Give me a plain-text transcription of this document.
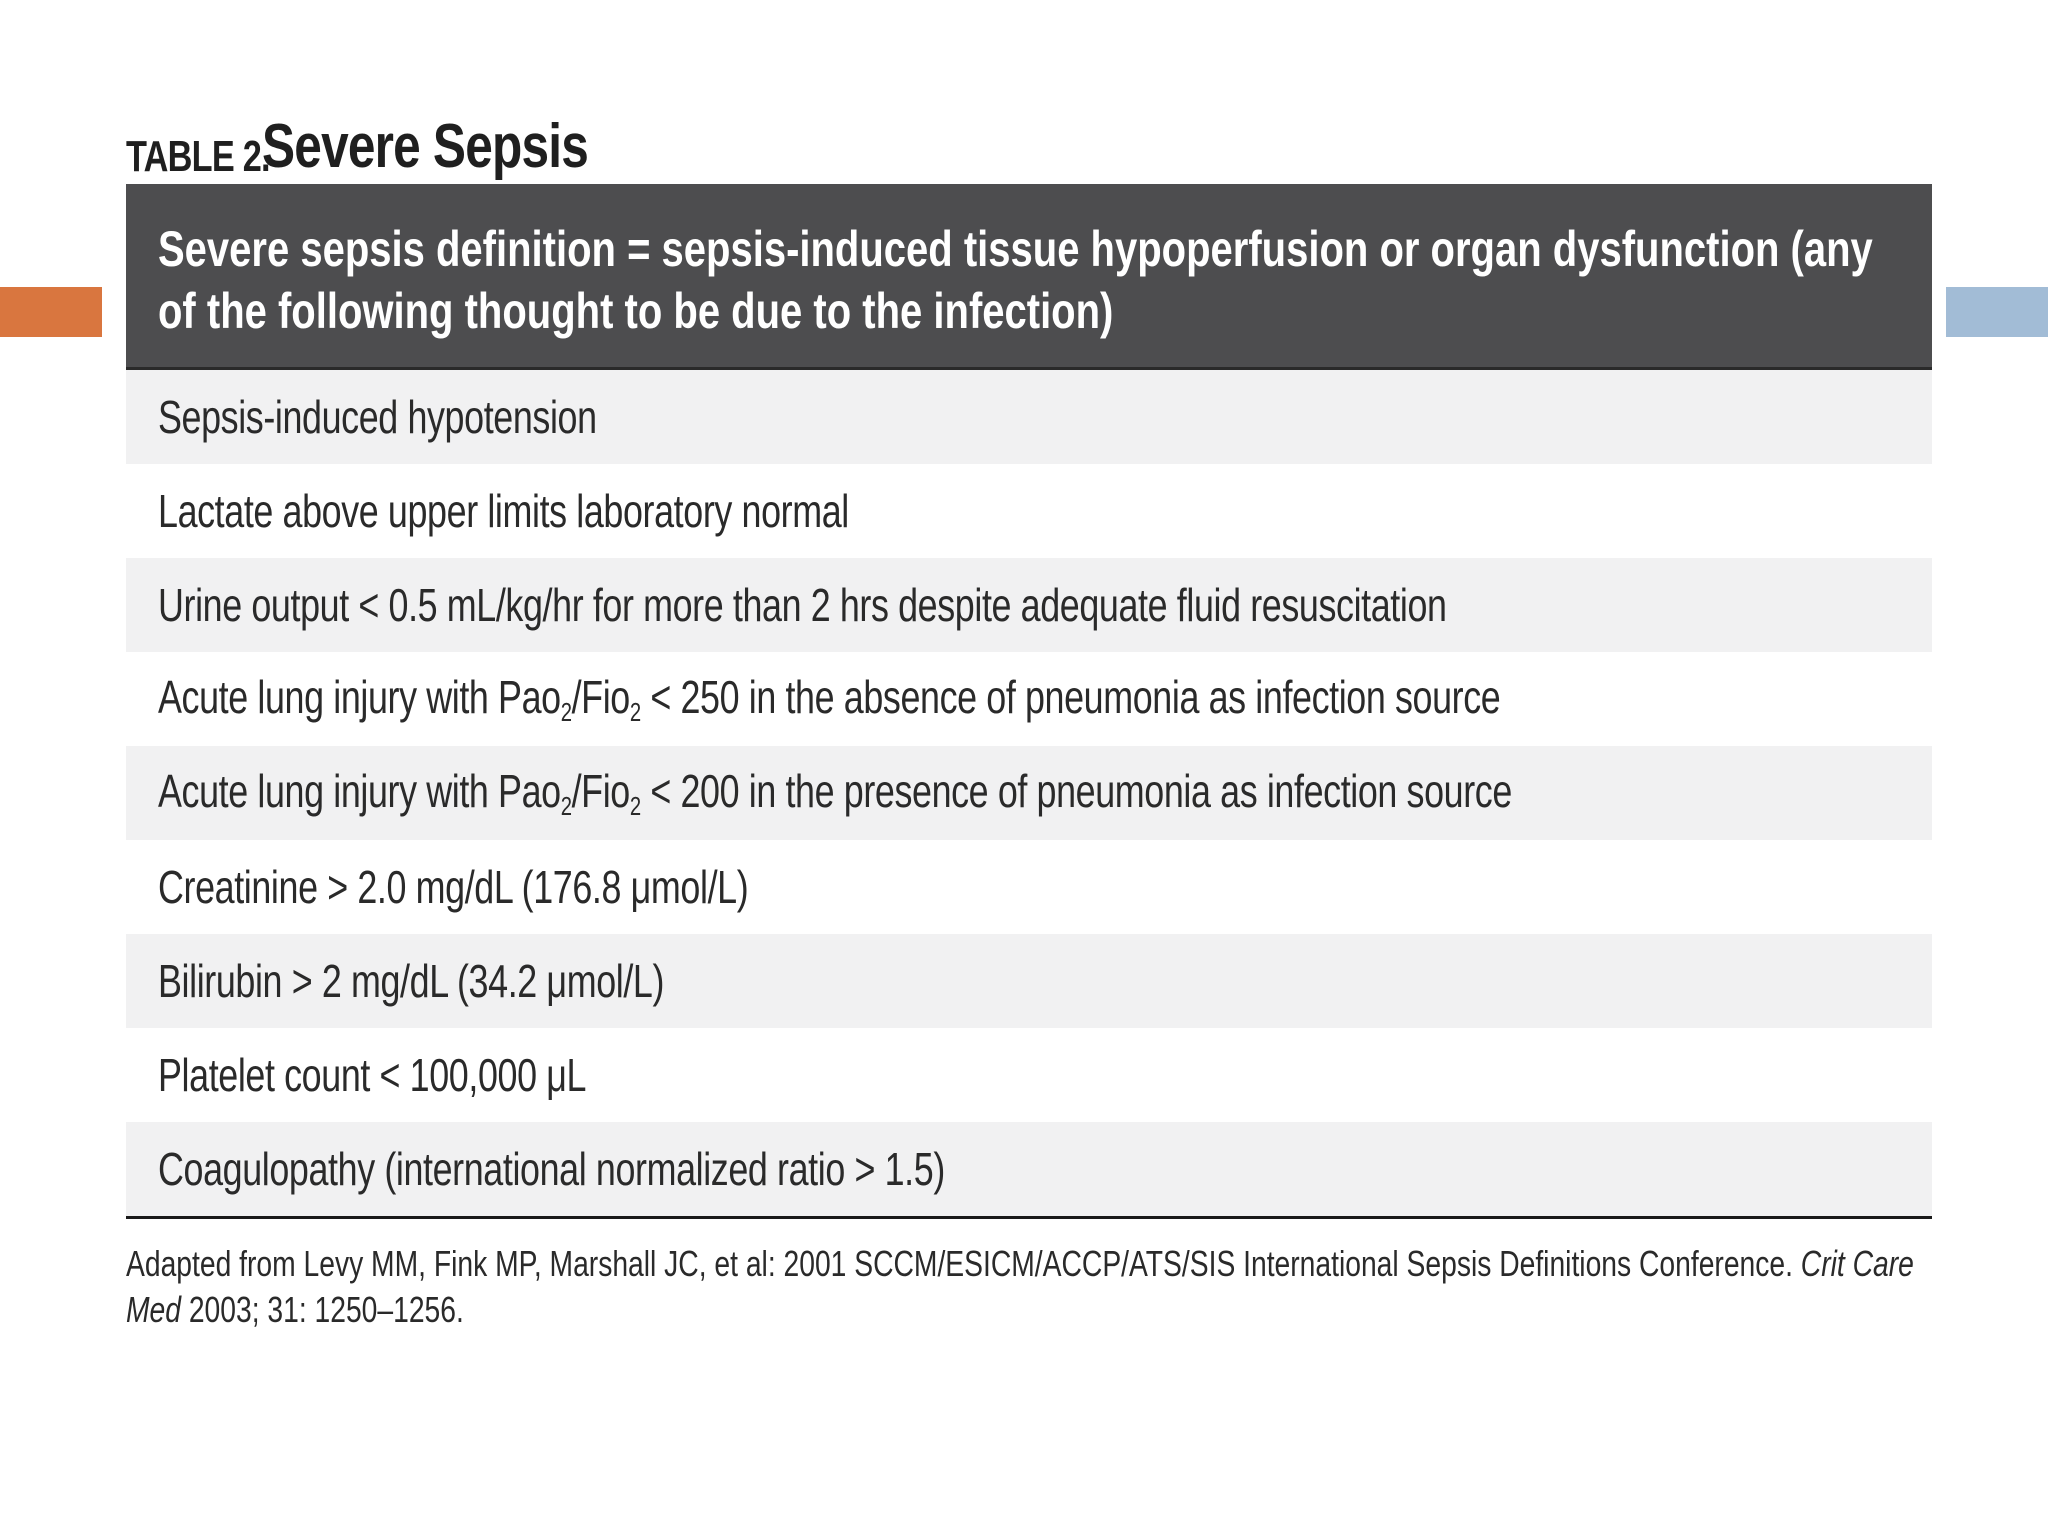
TABLE 2.
Severe Sepsis
Severe sepsis definition = sepsis-induced tissue hypoperfusion or organ dysfunction (any of the following thought to be due to the infection)
Sepsis-induced hypotension
Lactate above upper limits laboratory normal
Urine output < 0.5 mL/kg/hr for more than 2 hrs despite adequate fluid resuscitation
Acute lung injury with Pao$_2$/Fio$_2$ < 250 in the absence of pneumonia as infection source
Acute lung injury with Pao$_2$/Fio$_2$ < 200 in the presence of pneumonia as infection source
Creatinine > 2.0 mg/dL (176.8 μmol/L)
Bilirubin > 2 mg/dL (34.2 μmol/L)
Platelet count < 100,000 μL
Coagulopathy (international normalized ratio > 1.5)
Adapted from Levy MM, Fink MP, Marshall JC, et al: 2001 SCCM/ESICM/ACCP/ATS/SIS International Sepsis Definitions Conference. Crit Care Med 2003; 31: 1250–1256.
